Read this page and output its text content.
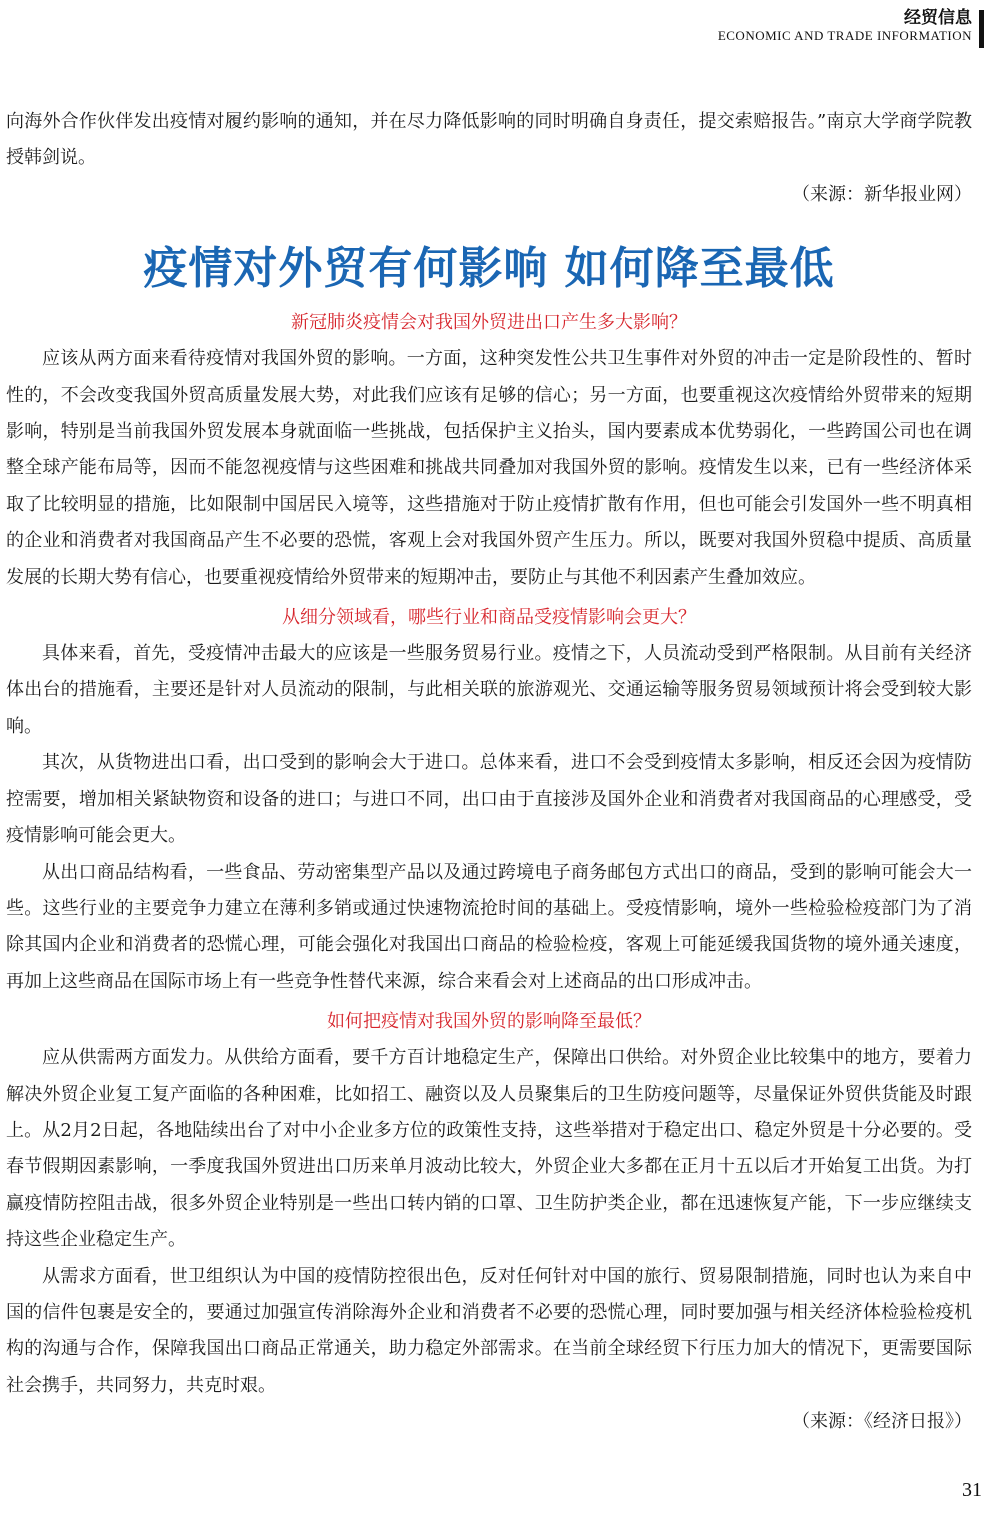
经贸信息
ECONOMIC AND TRADE INFORMATION

向海外合作伙伴发出疫情对履约影响的通知，并在尽力降低影响的同时明确自身责任，提交索赔报告。”南京大学商学院教授韩剑说。

（来源：新华报业网）

疫情对外贸有何影响 如何降至最低
新冠肺炎疫情会对我国外贸进出口产生多大影响？

应该从两方面来看待疫情对我国外贸的影响。一方面，这种突发性公共卫生事件对外贸的冲击一定是阶段性的、暂时性的，不会改变我国外贸高质量发展大势，对此我们应该有足够的信心；另一方面，也要重视这次疫情给外贸带来的短期影响，特别是当前我国外贸发展本身就面临一些挑战，包括保护主义抬头，国内要素成本优势弱化，一些跨国公司也在调整全球产能布局等，因而不能忽视疫情与这些困难和挑战共同叠加对我国外贸的影响。疫情发生以来，已有一些经济体采取了比较明显的措施，比如限制中国居民入境等，这些措施对于防止疫情扩散有作用，但也可能会引发国外一些不明真相的企业和消费者对我国商品产生不必要的恐慌，客观上会对我国外贸产生压力。所以，既要对我国外贸稳中提质、高质量发展的长期大势有信心，也要重视疫情给外贸带来的短期冲击，要防止与其他不利因素产生叠加效应。

从细分领域看，哪些行业和商品受疫情影响会更大？

具体来看，首先，受疫情冲击最大的应该是一些服务贸易行业。疫情之下，人员流动受到严格限制。从目前有关经济体出台的措施看，主要还是针对人员流动的限制，与此相关联的旅游观光、交通运输等服务贸易领域预计将会受到较大影响。

其次，从货物进出口看，出口受到的影响会大于进口。总体来看，进口不会受到疫情太多影响，相反还会因为疫情防控需要，增加相关紧缺物资和设备的进口；与进口不同，出口由于直接涉及国外企业和消费者对我国商品的心理感受，受疫情影响可能会更大。

从出口商品结构看，一些食品、劳动密集型产品以及通过跨境电子商务邮包方式出口的商品，受到的影响可能会大一些。这些行业的主要竞争力建立在薄利多销或通过快速物流抢时间的基础上。受疫情影响，境外一些检验检疫部门为了消除其国内企业和消费者的恐慌心理，可能会强化对我国出口商品的检验检疫，客观上可能延缓我国货物的境外通关速度，再加上这些商品在国际市场上有一些竞争性替代来源，综合来看会对上述商品的出口形成冲击。

如何把疫情对我国外贸的影响降至最低？

应从供需两方面发力。从供给方面看，要千方百计地稳定生产，保障出口供给。对外贸企业比较集中的地方，要着力解决外贸企业复工复产面临的各种困难，比如招工、融资以及人员聚集后的卫生防疫问题等，尽量保证外贸供货能及时跟上。从2月2日起，各地陆续出台了对中小企业多方位的政策性支持，这些举措对于稳定出口、稳定外贸是十分必要的。受春节假期因素影响，一季度我国外贸进出口历来单月波动比较大，外贸企业大多都在正月十五以后才开始复工出货。为打赢疫情防控阻击战，很多外贸企业特别是一些出口转内销的口罩、卫生防护类企业，都在迅速恢复产能，下一步应继续支持这些企业稳定生产。

从需求方面看，世卫组织认为中国的疫情防控很出色，反对任何针对中国的旅行、贸易限制措施，同时也认为来自中国的信件包裹是安全的，要通过加强宣传消除海外企业和消费者不必要的恐慌心理，同时要加强与相关经济体检验检疫机构的沟通与合作，保障我国出口商品正常通关，助力稳定外部需求。在当前全球经贸下行压力加大的情况下，更需要国际社会携手，共同努力，共克时艰。

（来源：《经济日报》）

31
